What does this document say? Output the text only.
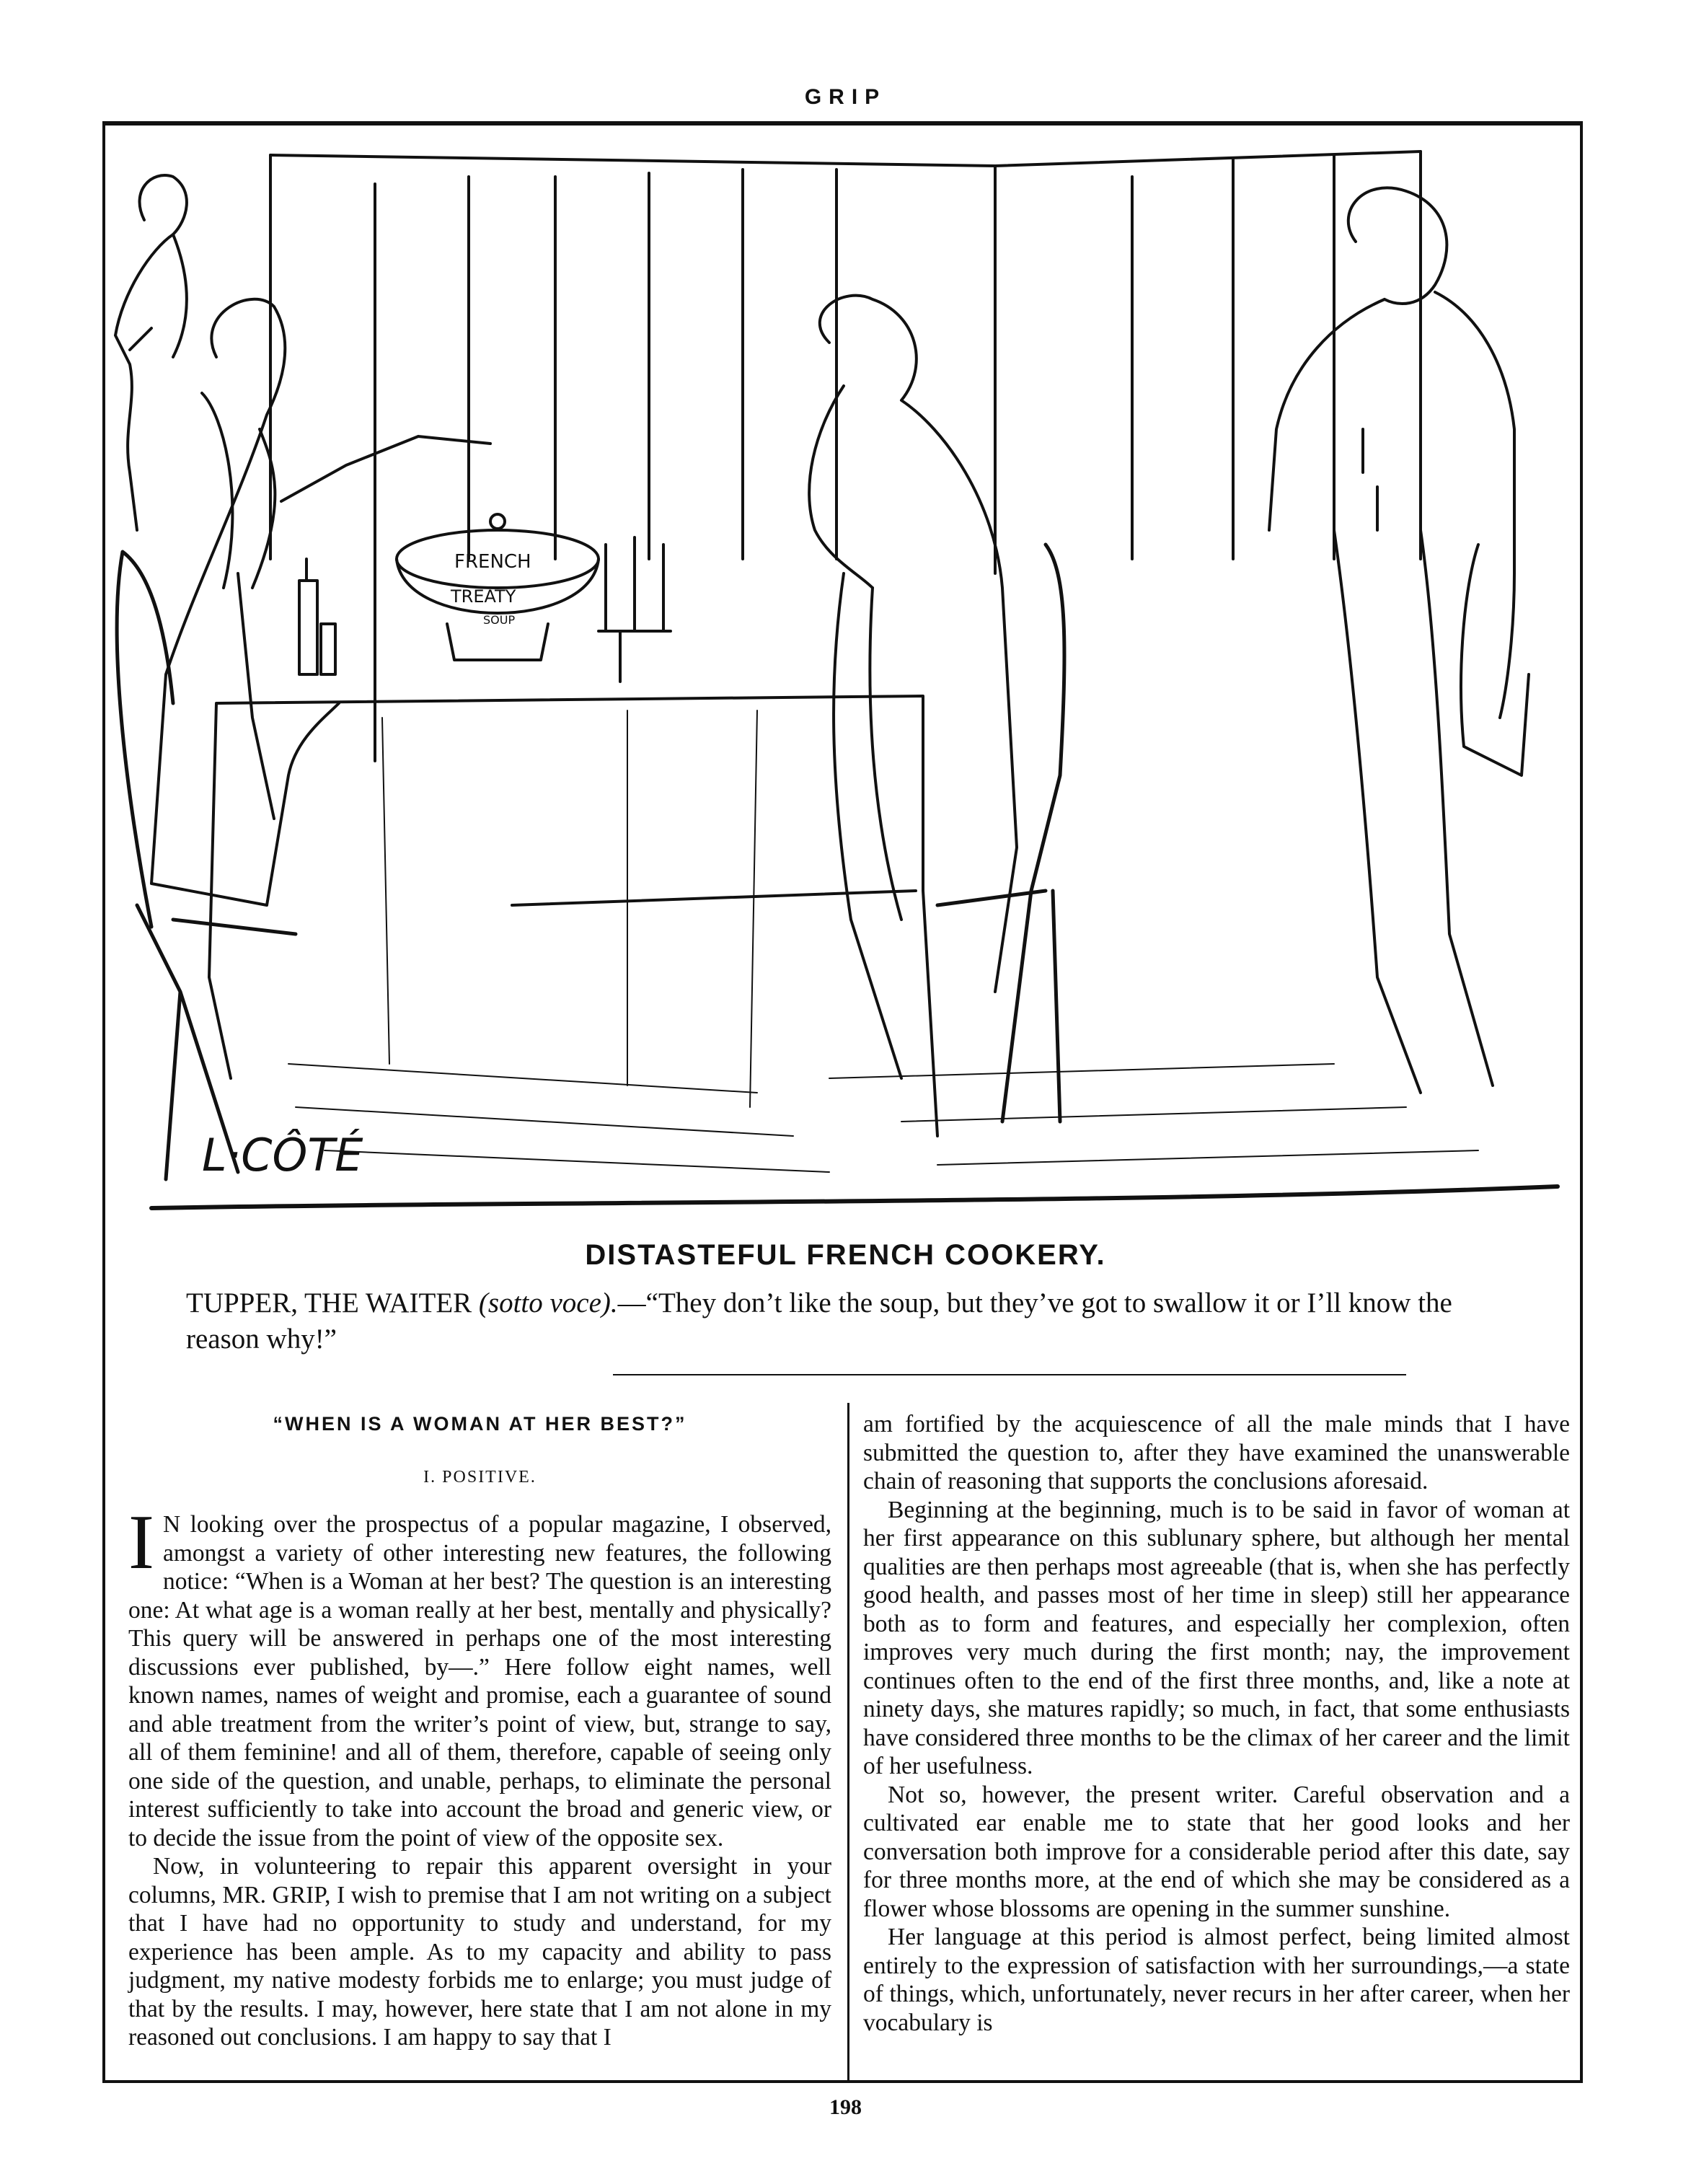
GRIP
FRENCH
TREATY
SOUP
L·CÔTÉ
DISTASTEFUL FRENCH COOKERY.
TUPPER, THE WAITER (sotto voce).—“They don’t like the soup, but they’ve got to swallow it or I’ll know the reason why!”
“WHEN IS A WOMAN AT HER BEST?”
I. POSITIVE.

I N looking over the prospectus of a popular magazine, I observed, amongst a variety of other interesting new features, the following notice: “When is a Woman at her best? The question is an interesting one: At what age is a woman really at her best, mentally and physically? This query will be answered in perhaps one of the most interesting discussions ever published, by—.” Here follow eight names, well known names, names of weight and promise, each a guarantee of sound and able treatment from the writer’s point of view, but, strange to say, all of them feminine! and all of them, therefore, capable of seeing only one side of the question, and unable, perhaps, to eliminate the personal interest sufficiently to take into account the broad and generic view, or to decide the issue from the point of view of the opposite sex.

Now, in volunteering to repair this apparent oversight in your columns, MR. GRIP, I wish to premise that I am not writing on a subject that I have had no opportunity to study and understand, for my experience has been ample. As to my capacity and ability to pass judgment, my native modesty forbids me to enlarge; you must judge of that by the results. I may, however, here state that I am not alone in my reasoned out conclusions. I am happy to say that I

am fortified by the acquiescence of all the male minds that I have submitted the question to, after they have examined the unanswerable chain of reasoning that supports the conclusions aforesaid.

Beginning at the beginning, much is to be said in favor of woman at her first appearance on this sublunary sphere, but although her mental qualities are then perhaps most agreeable (that is, when she has perfectly good health, and passes most of her time in sleep) still her appearance both as to form and features, and especially her complexion, often improves very much during the first month; nay, the improvement continues often to the end of the first three months, and, like a note at ninety days, she matures rapidly; so much, in fact, that some enthusiasts have considered three months to be the climax of her career and the limit of her usefulness.

Not so, however, the present writer. Careful observation and a cultivated ear enable me to state that her good looks and her conversation both improve for a considerable period after this date, say for three months more, at the end of which she may be considered as a flower whose blossoms are opening in the summer sunshine.

Her language at this period is almost perfect, being limited almost entirely to the expression of satisfaction with her surroundings,—a state of things, which, unfortunately, never recurs in her after career, when her vocabulary is

198
